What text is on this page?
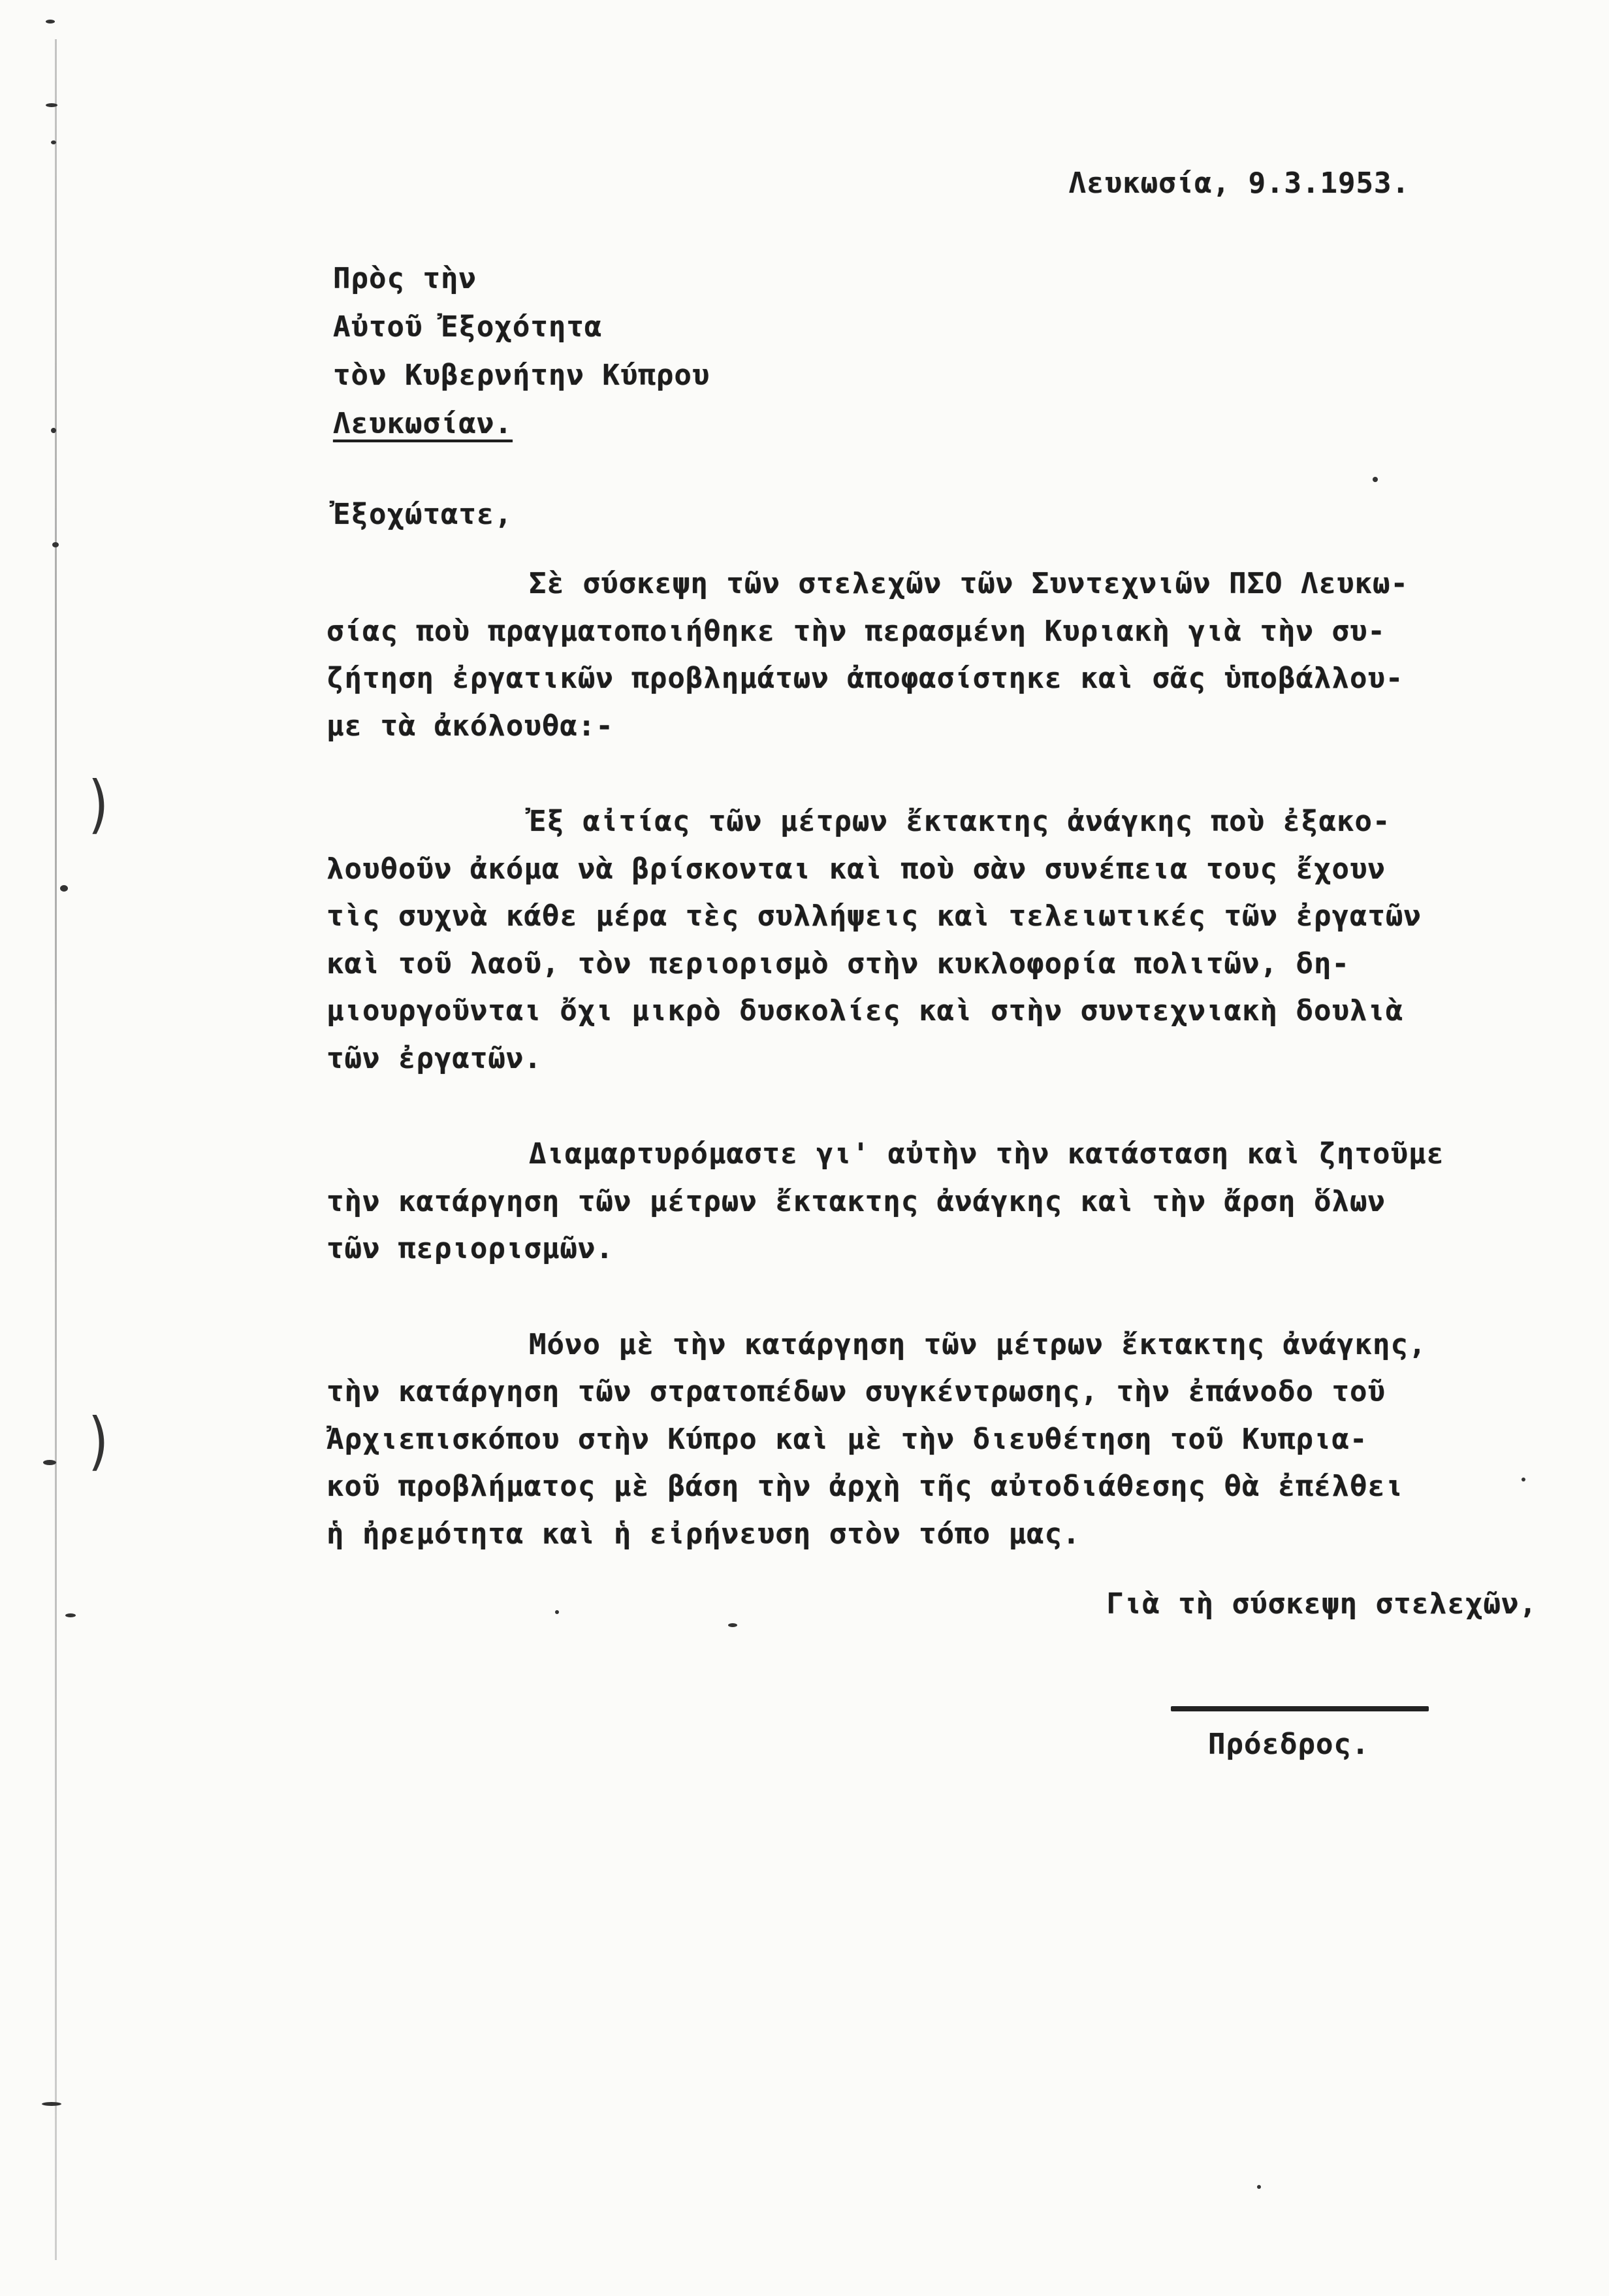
Λευκωσία, 9.3.1953.
Πρὸς τὴν
Αὐτοῦ Ἐξοχότητα
τὸν Κυβερνήτην Κύπρου
Λευκωσίαν.
Ἐξοχώτατε,
Σὲ σύσκεψη τῶν στελεχῶν τῶν Συντεχνιῶν ΠΣΟ Λευκω-
σίας ποὺ πραγματοποιήθηκε τὴν περασμένη Κυριακὴ γιὰ τὴν συ-
ζήτηση ἐργατικῶν προβλημάτων ἀποφασίστηκε καὶ σᾶς ὑποβάλλου-
με τὰ ἀκόλουθα:-
Ἐξ αἰτίας τῶν μέτρων ἔκτακτης ἀνάγκης ποὺ ἐξακο-
λουθοῦν ἀκόμα νὰ βρίσκονται καὶ ποὺ σὰν συνέπεια τους ἔχουν
τὶς συχνὰ κάθε μέρα τὲς συλλήψεις καὶ τελειωτικές τῶν ἐργατῶν
καὶ τοῦ λαοῦ, τὸν περιορισμὸ στὴν κυκλοφορία πολιτῶν, δη-
μιουργοῦνται ὄχι μικρὸ δυσκολίες καὶ στὴν συντεχνιακὴ δουλιὰ
τῶν ἐργατῶν.
Διαμαρτυρόμαστε γι' αὐτὴν τὴν κατάσταση καὶ ζητοῦμε
τὴν κατάργηση τῶν μέτρων ἔκτακτης ἀνάγκης καὶ τὴν ἄρση ὅλων
τῶν περιορισμῶν.
Μόνο μὲ τὴν κατάργηση τῶν μέτρων ἔκτακτης ἀνάγκης,
τὴν κατάργηση τῶν στρατοπέδων συγκέντρωσης, τὴν ἐπάνοδο τοῦ
Ἀρχιεπισκόπου στὴν Κύπρο καὶ μὲ τὴν διευθέτηση τοῦ Κυπρια-
κοῦ προβλήματος μὲ βάση τὴν ἀρχὴ τῆς αὐτοδιάθεσης θὰ ἐπέλθει
ἡ ἠρεμότητα καὶ ἡ εἰρήνευση στὸν τόπο μας.
Γιὰ τὴ σύσκεψη στελεχῶν,
Πρόεδρος.
)
)
